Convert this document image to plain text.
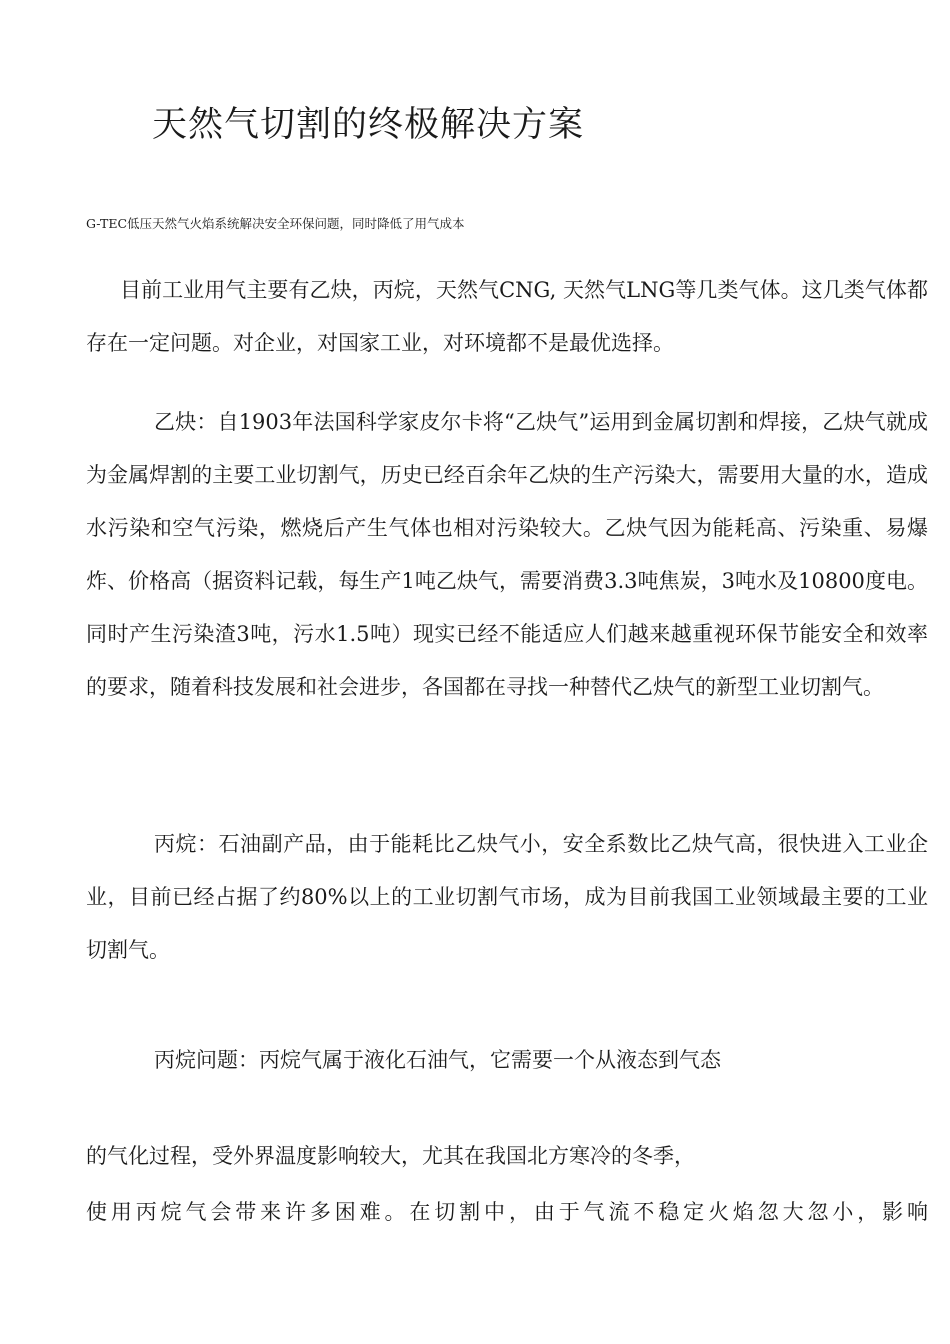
天然气切割的终极解决方案

G-TEC低压天然气火焰系统解决安全环保问题，同时降低了用气成本

目前工业用气主要有乙炔，丙烷，天然气CNG, 天然气LNG等几类气体。这几类气体都存在一定问题。对企业，对国家工业，对环境都不是最优选择。

乙炔：自1903年法国科学家皮尔卡将“乙炔气”运用到金属切割和焊接，乙炔气就成为金属焊割的主要工业切割气，历史已经百余年乙炔的生产污染大，需要用大量的水，造成水污染和空气污染，燃烧后产生气体也相对污染较大。乙炔气因为能耗高、污染重、易爆炸、价格高（据资料记载，每生产1吨乙炔气，需要消费3.3吨焦炭，3吨水及10800度电。同时产生污染渣3吨，污水1.5吨）现实已经不能适应人们越来越重视环保节能安全和效率的要求，随着科技发展和社会进步，各国都在寻找一种替代乙炔气的新型工业切割气。

丙烷：石油副产品，由于能耗比乙炔气小，安全系数比乙炔气高，很快进入工业企业，目前已经占据了约80%以上的工业切割气市场，成为目前我国工业领域最主要的工业切割气。

丙烷问题：丙烷气属于液化石油气，它需要一个从液态到气态

的气化过程，受外界温度影响较大，尤其在我国北方寒冷的冬季，

使用丙烷气会带来许多困难。在切割中，由于气流不稳定火焰忽大忽小，影响
